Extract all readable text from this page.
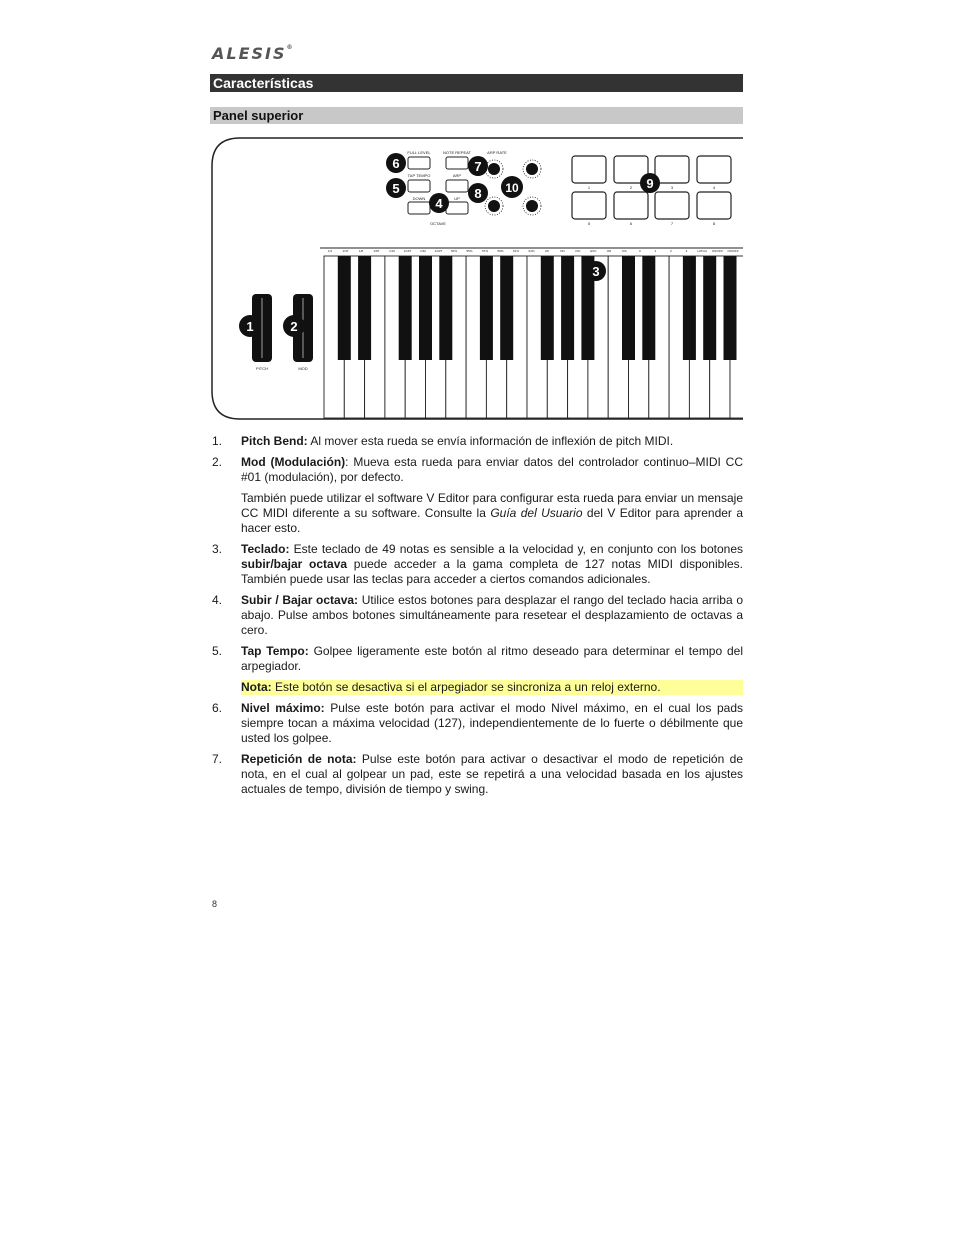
ALESIS®
Características
Panel superior
FULL LEVEL	NOTE REPEAT	ARP RATE
TAP TEMPO	ARP
DOWN	UP
OCTAVE
PITCH	MOD
1	2	3	4
5	6	7	8
1/4	1/4T	1/8	1/8T	1/16	1/16T	1/32	1/32T	50%	55%	57%	59%	61%	64%	UP	DN	INC	EXC	OR	RA	0	1	2	3	LATCH ON/OFF ON/OFF
6
5
4
7
8 10	9
3
1	2
1.	Pitch Bend: Al mover esta rueda se envía información de inflexión de pitch MIDI.

2.	Mod (Modulación): Mueva esta rueda para enviar datos del controlador continuo–MIDI CC #01 (modulación), por defecto.

También puede utilizar el software V Editor para configurar esta rueda para enviar un mensaje CC MIDI diferente a su software. Consulte la Guía del Usuario del V Editor para aprender a hacer esto.

3.	Teclado: Este teclado de 49 notas es sensible a la velocidad y, en conjunto con los botones subir/bajar octava puede acceder a la gama completa de 127 notas MIDI disponibles. También puede usar las teclas para acceder a ciertos comandos adicionales.

4.	Subir / Bajar octava: Utilice estos botones para desplazar el rango del teclado hacia arriba o abajo. Pulse ambos botones simultáneamente para resetear el desplazamiento de octavas a cero.

5.	Tap Tempo: Golpee ligeramente este botón al ritmo deseado para determinar el tempo del arpegiador.

Nota: Este botón se desactiva si el arpegiador se sincroniza a un reloj externo.

6.	Nivel máximo: Pulse este botón para activar el modo Nivel máximo, en el cual los pads siempre tocan a máxima velocidad (127), independientemente de lo fuerte o débilmente que usted los golpee.

7.	Repetición de nota: Pulse este botón para activar o desactivar el modo de repetición de nota, en el cual al golpear un pad, este se repetirá a una velocidad basada en los ajustes actuales de tempo, división de tiempo y swing.

8
